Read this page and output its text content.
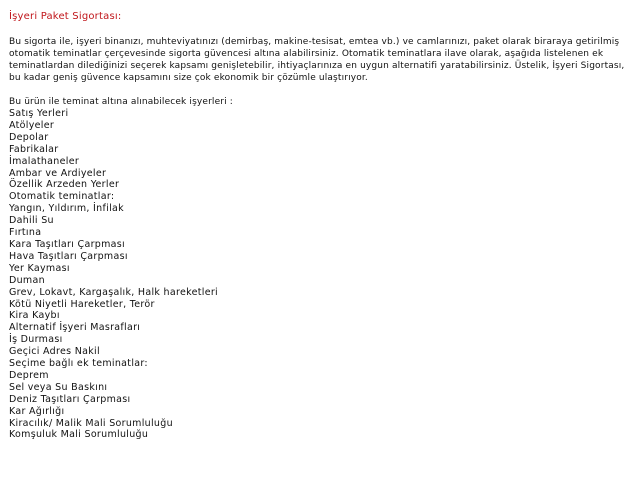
İşyeri Paket Sigortası:

Bu sigorta ile, işyeri binanızı, muhteviyatınızı (demirbaş, makine-tesisat, emtea vb.) ve camlarınızı, paket olarak biraraya getirilmiş otomatik teminatlar çerçevesinde sigorta güvencesi altına alabilirsiniz. Otomatik teminatlara ilave olarak, aşağıda listelenen ek teminatlardan dilediğinizi seçerek kapsamı genişletebilir, ihtiyaçlarınıza en uygun alternatifi yaratabilirsiniz. Üstelik, İşyeri Sigortası, bu kadar geniş güvence kapsamını size çok ekonomik bir çözümle ulaştırıyor.

Bu ürün ile teminat altına alınabilecek işyerleri :

Satış Yerleri
Atölyeler
Depolar
Fabrikalar
İmalathaneler
Ambar ve Ardiyeler
Özellik Arzeden Yerler
Otomatik teminatlar:
Yangın, Yıldırım, İnfilak
Dahili Su
Fırtına
Kara Taşıtları Çarpması
Hava Taşıtları Çarpması
Yer Kayması
Duman
Grev, Lokavt, Kargaşalık, Halk hareketleri
Kötü Niyetli Hareketler, Terör
Kira Kaybı
Alternatif İşyeri Masrafları
İş Durması
Geçici Adres Nakil
Seçime bağlı ek teminatlar:
Deprem
Sel veya Su Baskını
Deniz Taşıtları Çarpması
Kar Ağırlığı
Kiracılık/ Malik Mali Sorumluluğu
Komşuluk Mali Sorumluluğu
